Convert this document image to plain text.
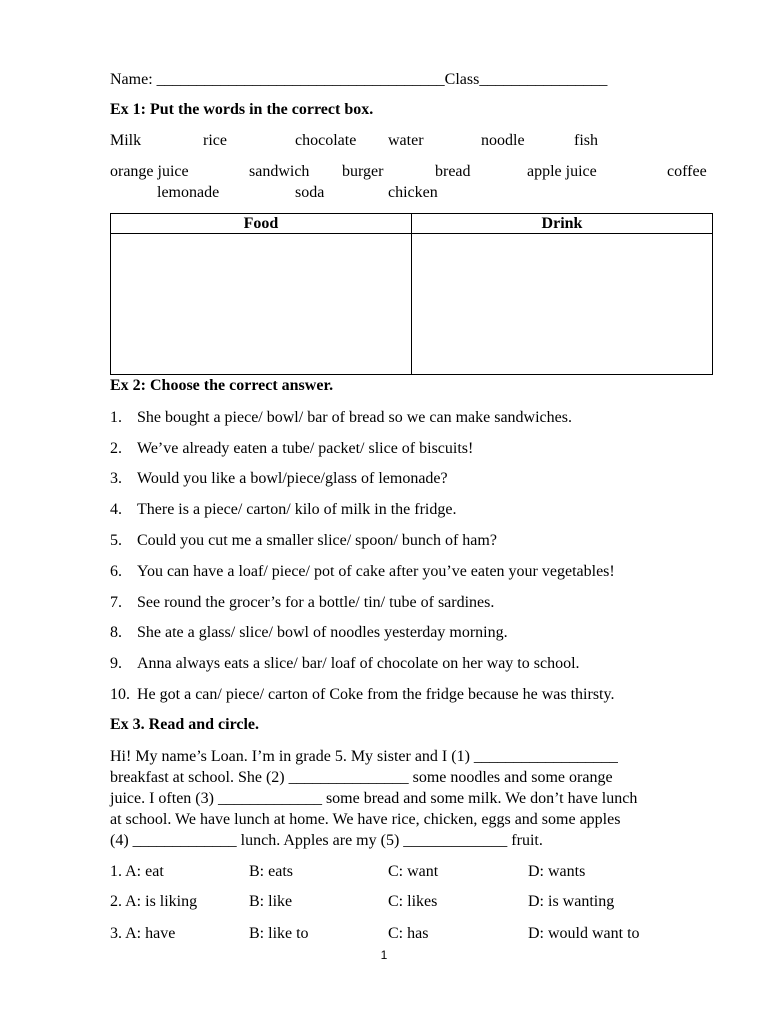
Name: ____________________________________Class________________
Ex 1: Put the words in the correct box.
Milk	rice	chocolate water	noodle	fish
orange juice	sandwich burger	bread	apple juice	coffee
lemonade	soda	chicken
Food	Drink
Ex 2: Choose the correct answer.
1. She bought a piece/ bowl/ bar of bread so we can make sandwiches.
2. We’ve already eaten a tube/ packet/ slice of biscuits!
3. Would you like a bowl/piece/glass of lemonade?
4. There is a piece/ carton/ kilo of milk in the fridge.
5. Could you cut me a smaller slice/ spoon/ bunch of ham?
6. You can have a loaf/ piece/ pot of cake after you’ve eaten your vegetables!
7. See round the grocer’s for a bottle/ tin/ tube of sardines.
8. She ate a glass/ slice/ bowl of noodles yesterday morning.
9. Anna always eats a slice/ bar/ loaf of chocolate on her way to school.
10. He got a can/ piece/ carton of Coke from the fridge because he was thirsty.
Ex 3. Read and circle.
Hi! My name’s Loan. I’m in grade 5. My sister and I (1) __________________
breakfast at school. She (2) _______________ some noodles and some orange
juice. I often (3) _____________ some bread and some milk. We don’t have lunch
at school. We have lunch at home. We have rice, chicken, eggs and some apples
(4) _____________ lunch. Apples are my (5) _____________ fruit.
1. A: eat	B: eats	C: want	D: wants
2. A: is liking	B: like	C: likes	D: is wanting
3. A: have	B: like to	C: has	D: would want to
1
